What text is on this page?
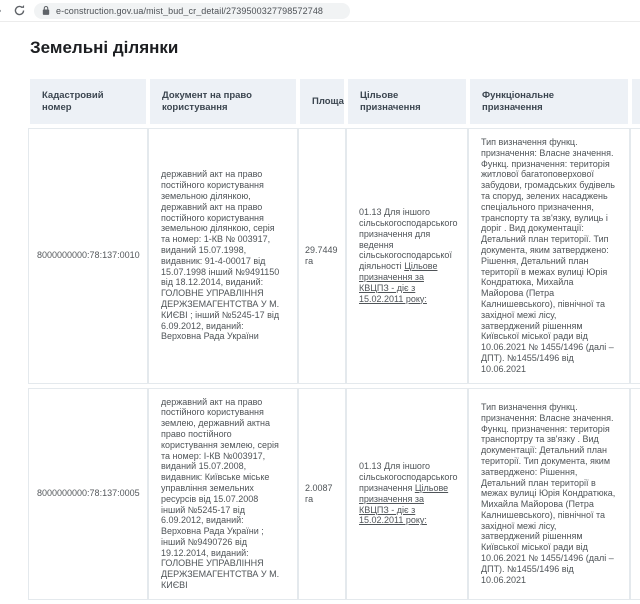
e-construction.gov.ua/mist_bud_cr_detail/2739500327798572748
Земельні ділянки
Кадастровий номер	Документ на право користування	Площа	Цільове призначення	Функціональне призначення	
8000000000:78:137:0010	державний акт на право постійного користування земельною ділянкою, державний акт на право постійного користування земельною ділянкою, серія та номер: 1-КВ № 003917, виданий 15.07.1998, видавник: 91-4-00017 від 15.07.1998 інший №9491150 від 18.12.2014, виданий: ГОЛОВНЕ УПРАВЛІННЯ ДЕРЖЗЕМАГЕНТСТВА У М. КИЄВІ ; інший №5245-17 від 6.09.2012, виданий: Верховна Рада України	29.7449 га	01.13 Для іншого сільськогосподарського призначення для ведення сільськогосподарської діяльності Цільове призначення за КВЦПЗ - діє з 15.02.2011 року:	Тип визначення функц. призначення: Власне значення. Функц. призначення: територія житлової багатоповерхової забудови, громадських будівель та споруд, зелених насаджень спеціального призначення, транспорту та зв'язку, вулиць і доріг . Вид документації: Детальний план території. Тип документа, яким затверджено: Рішення, Детальний план території в межах вулиці Юрія Кондратюка, Михайла Майорова (Петра Калнишевського), північної та західної межі лісу, затверджений рішенням Київської міської ради від 10.06.2021 № 1455/1496 (далі – ДПТ). №1455/1496 від 10.06.2021	
8000000000:78:137:0005	державний акт на право постійного користування землею, державний актна право постійного користування землею, серія та номер: І-КВ №003917, виданий 15.07.2008, видавник: Київське міське управління земельних ресурсів від 15.07.2008 інший №5245-17 від 6.09.2012, виданий: Верховна Рада України ; інший №9490726 від 19.12.2014, виданий: ГОЛОВНЕ УПРАВЛІННЯ ДЕРЖЗЕМАГЕНТСТВА У М. КИЄВІ	2.0087 га	01.13 Для іншого сільськогосподарського призначення Цільове призначення за КВЦПЗ - діє з 15.02.2011 року:	Тип визначення функц. призначення: Власне значення. Функц. призначення: територія транспортру та зв'язку . Вид документації: Детальний план території. Тип документа, яким затверджено: Рішення, Детальний план території в межах вулиці Юрія Кондратюка, Михайла Майорова (Петра Калнишевського), північної та західної межі лісу, затверджений рішенням Київської міської ради від 10.06.2021 № 1455/1496 (далі – ДПТ). №1455/1496 від 10.06.2021	
